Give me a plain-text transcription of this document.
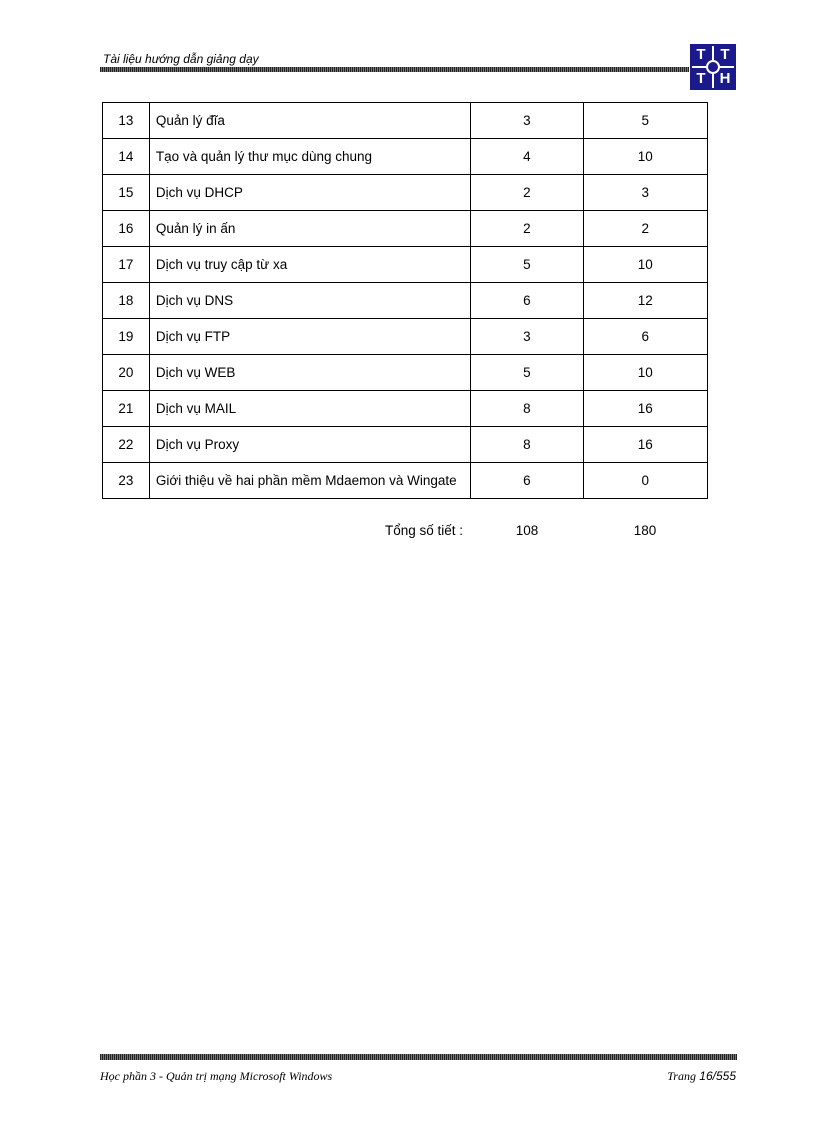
Tài liệu hướng dẫn giảng dạy	T T
T H
13	Quản lý đĩa	3	5
14	Tạo và quản lý thư mục dùng chung	4	10
15	Dịch vụ DHCP	2	3
16	Quản lý in ấn	2	2
17	Dịch vụ truy cập từ xa	5	10
18	Dịch vụ DNS	6	12
19	Dịch vụ FTP	3	6
20	Dịch vụ WEB	5	10
21	Dịch vụ MAIL	8	16
22	Dịch vụ Proxy	8	16
23	Giới thiệu về hai phần mềm Mdaemon và Wingate	6	0
Tổng số tiết :	108	180
Học phần 3 - Quản trị mạng Microsoft Windows	Trang 16/555
